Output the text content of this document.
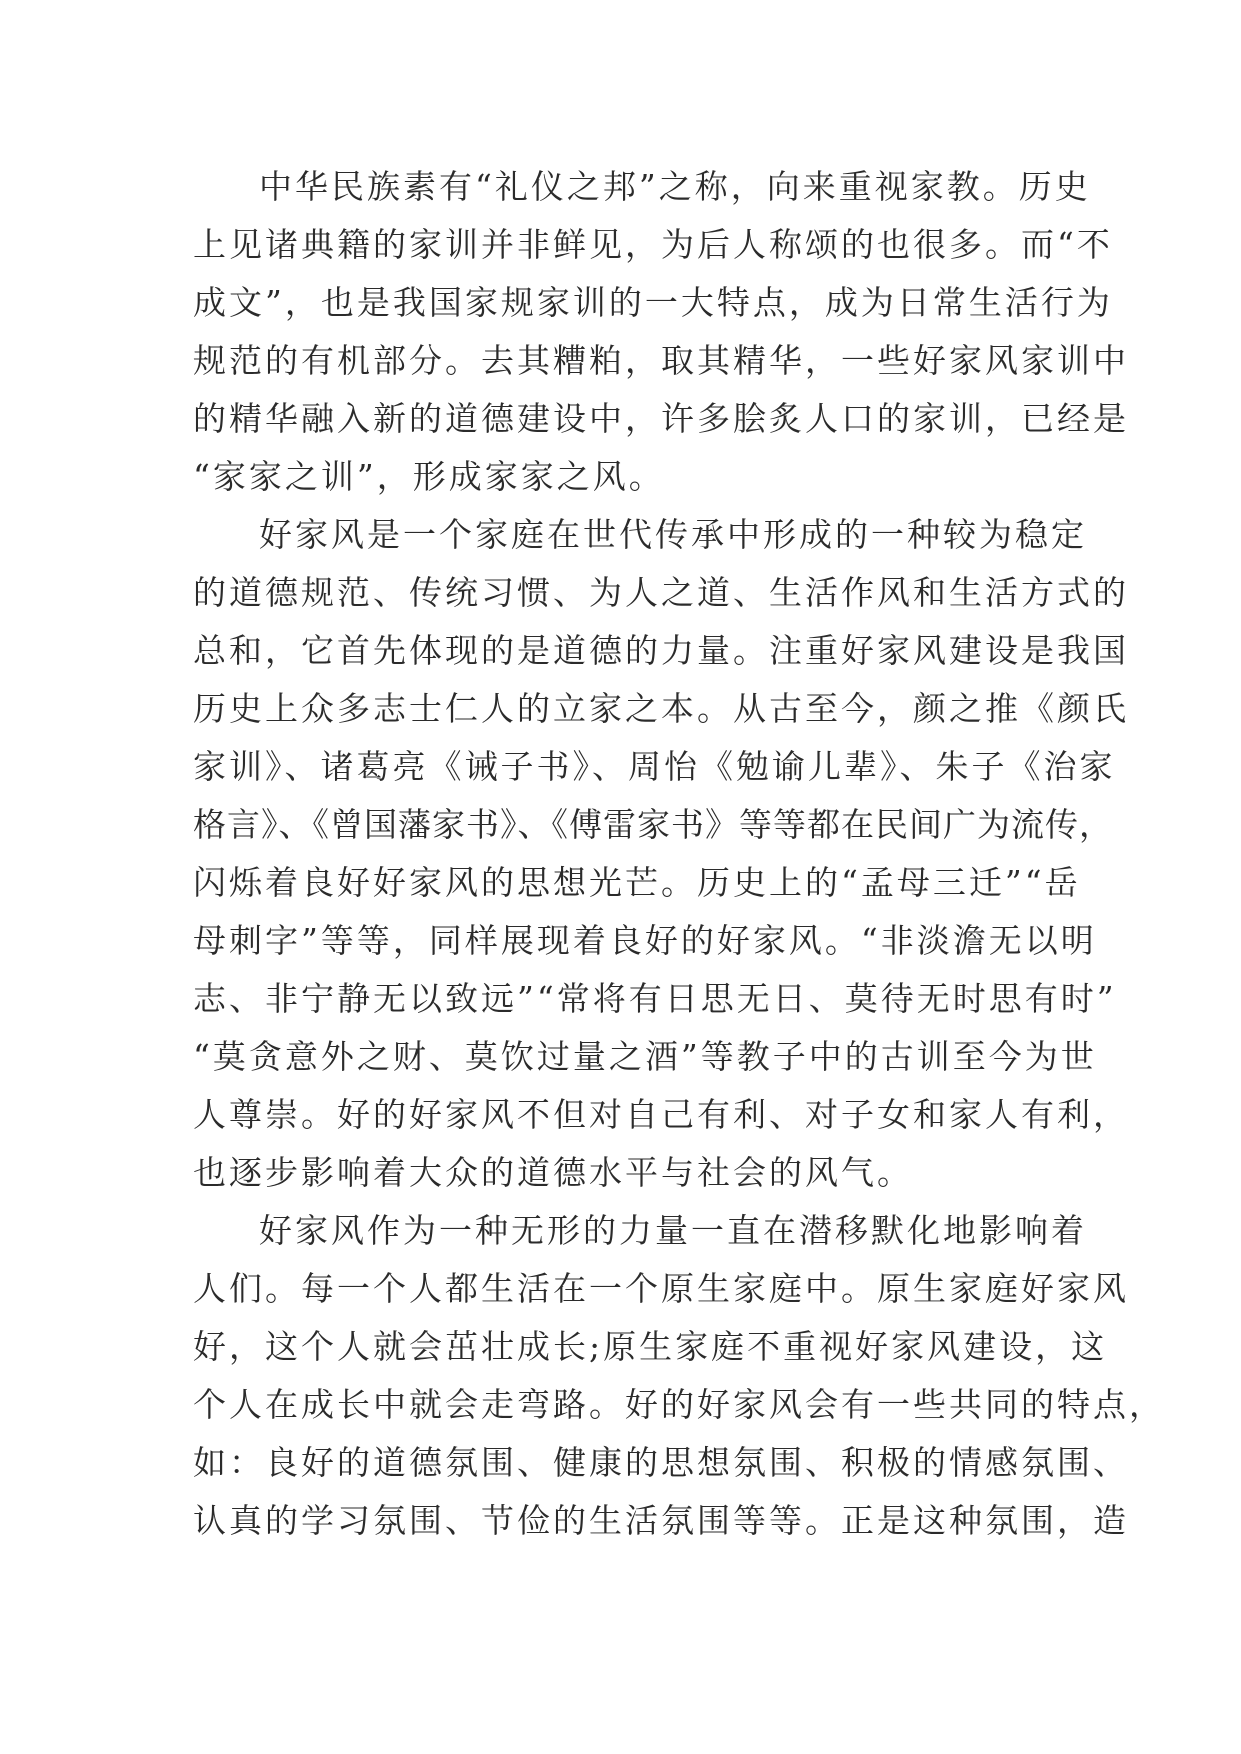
中华民族素有“礼仪之邦”之称，向来重视家教。历史
上见诸典籍的家训并非鲜见，为后人称颂的也很多。而“不
成文”，也是我国家规家训的一大特点，成为日常生活行为
规范的有机部分。去其糟粕，取其精华，一些好家风家训中
的精华融入新的道德建设中，许多脍炙人口的家训，已经是
“家家之训”，形成家家之风。
好家风是一个家庭在世代传承中形成的一种较为稳定
的道德规范、传统习惯、为人之道、生活作风和生活方式的
总和，它首先体现的是道德的力量。注重好家风建设是我国
历史上众多志士仁人的立家之本。从古至今，颜之推《颜氏
家训》、诸葛亮《诫子书》、周怡《勉谕儿辈》、朱子《治家
格言》、《曾国藩家书》、《傅雷家书》等等都在民间广为流传，
闪烁着良好好家风的思想光芒。历史上的“孟母三迁”“岳
母刺字”等等，同样展现着良好的好家风。“非淡澹无以明
志、非宁静无以致远”“常将有日思无日、莫待无时思有时”
“莫贪意外之财、莫饮过量之酒”等教子中的古训至今为世
人尊崇。好的好家风不但对自己有利、对子女和家人有利，
也逐步影响着大众的道德水平与社会的风气。
好家风作为一种无形的力量一直在潜移默化地影响着
人们。每一个人都生活在一个原生家庭中。原生家庭好家风
好，这个人就会茁壮成长;原生家庭不重视好家风建设，这
个人在成长中就会走弯路。好的好家风会有一些共同的特点，
如：良好的道德氛围、健康的思想氛围、积极的情感氛围、
认真的学习氛围、节俭的生活氛围等等。正是这种氛围，造
